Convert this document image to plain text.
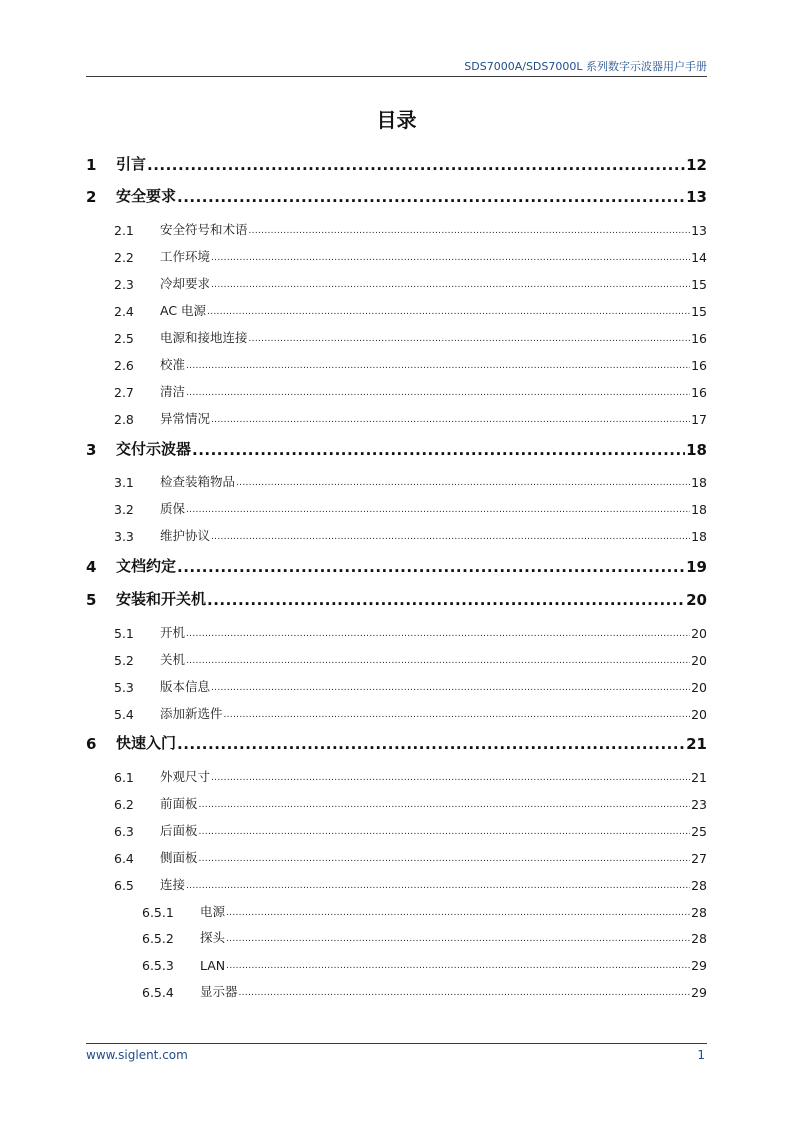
SDS7000A/SDS7000L 系列数字示波器用户手册
目录
1	引言 .....	12
2	安全要求 .....	13
2.1	安全符号和术语 .....	13
2.2	工作环境 .....	14
2.3	冷却要求 .....	15
2.4	AC 电源 .....	15
2.5	电源和接地连接 .....	16
2.6	校准 .....	16
2.7	清洁 .....	16
2.8	异常情况 .....	17
3	交付示波器 .....	18
3.1	检查装箱物品 .....	18
3.2	质保 .....	18
3.3	维护协议 .....	18
4	文档约定 .....	19
5	安装和开关机 .....	20
5.1	开机 .....	20
5.2	关机 .....	20
5.3	版本信息 .....	20
5.4	添加新选件 .....	20
6	快速入门 .....	21
6.1	外观尺寸 .....	21
6.2	前面板 .....	23
6.3	后面板 .....	25
6.4	侧面板 .....	27
6.5	连接 .....	28
6.5.1	电源 .....	28
6.5.2	探头 .....	28
6.5.3	LAN .....	29
6.5.4	显示器 .....	29
www.siglent.com	1
